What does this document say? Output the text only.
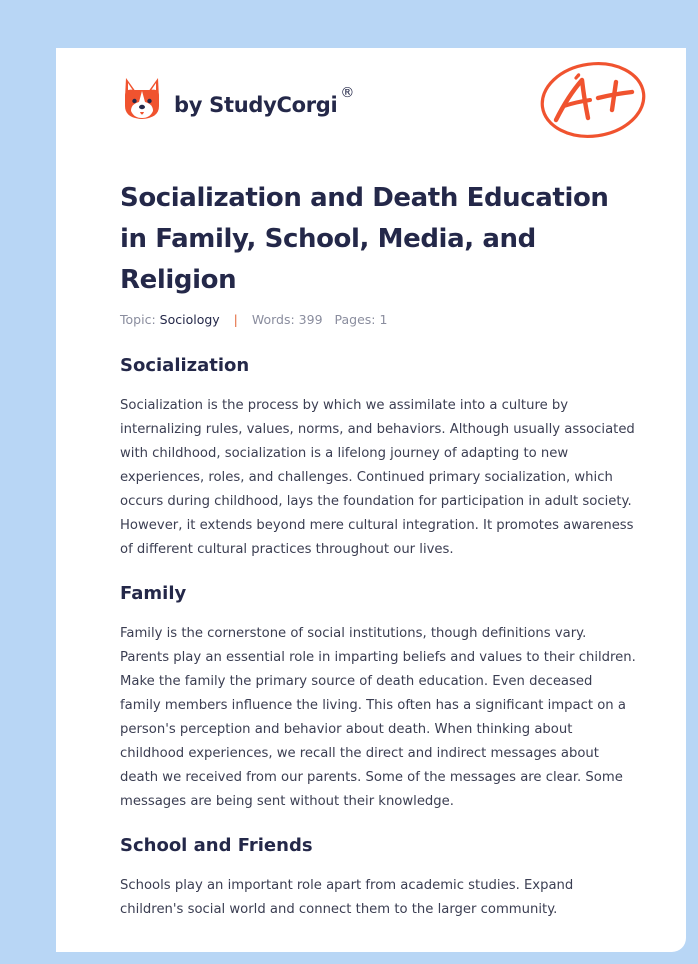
by StudyCorgi ®
A+
Socialization and Death Education in Family, School, Media, and Religion
Topic: Sociology | Words: 399 Pages: 1
Socialization

Socialization is the process by which we assimilate into a culture by internalizing rules, values, norms, and behaviors. Although usually associated with childhood, socialization is a lifelong journey of adapting to new experiences, roles, and challenges. Continued primary socialization, which occurs during childhood, lays the foundation for participation in adult society. However, it extends beyond mere cultural integration. It promotes awareness of different cultural practices throughout our lives.

Family

Family is the cornerstone of social institutions, though definitions vary. Parents play an essential role in imparting beliefs and values to their children. Make the family the primary source of death education. Even deceased family members influence the living. This often has a significant impact on a person's perception and behavior about death. When thinking about childhood experiences, we recall the direct and indirect messages about death we received from our parents. Some of the messages are clear. Some messages are being sent without their knowledge.

School and Friends

Schools play an important role apart from academic studies. Expand children's social world and connect them to the larger community.
